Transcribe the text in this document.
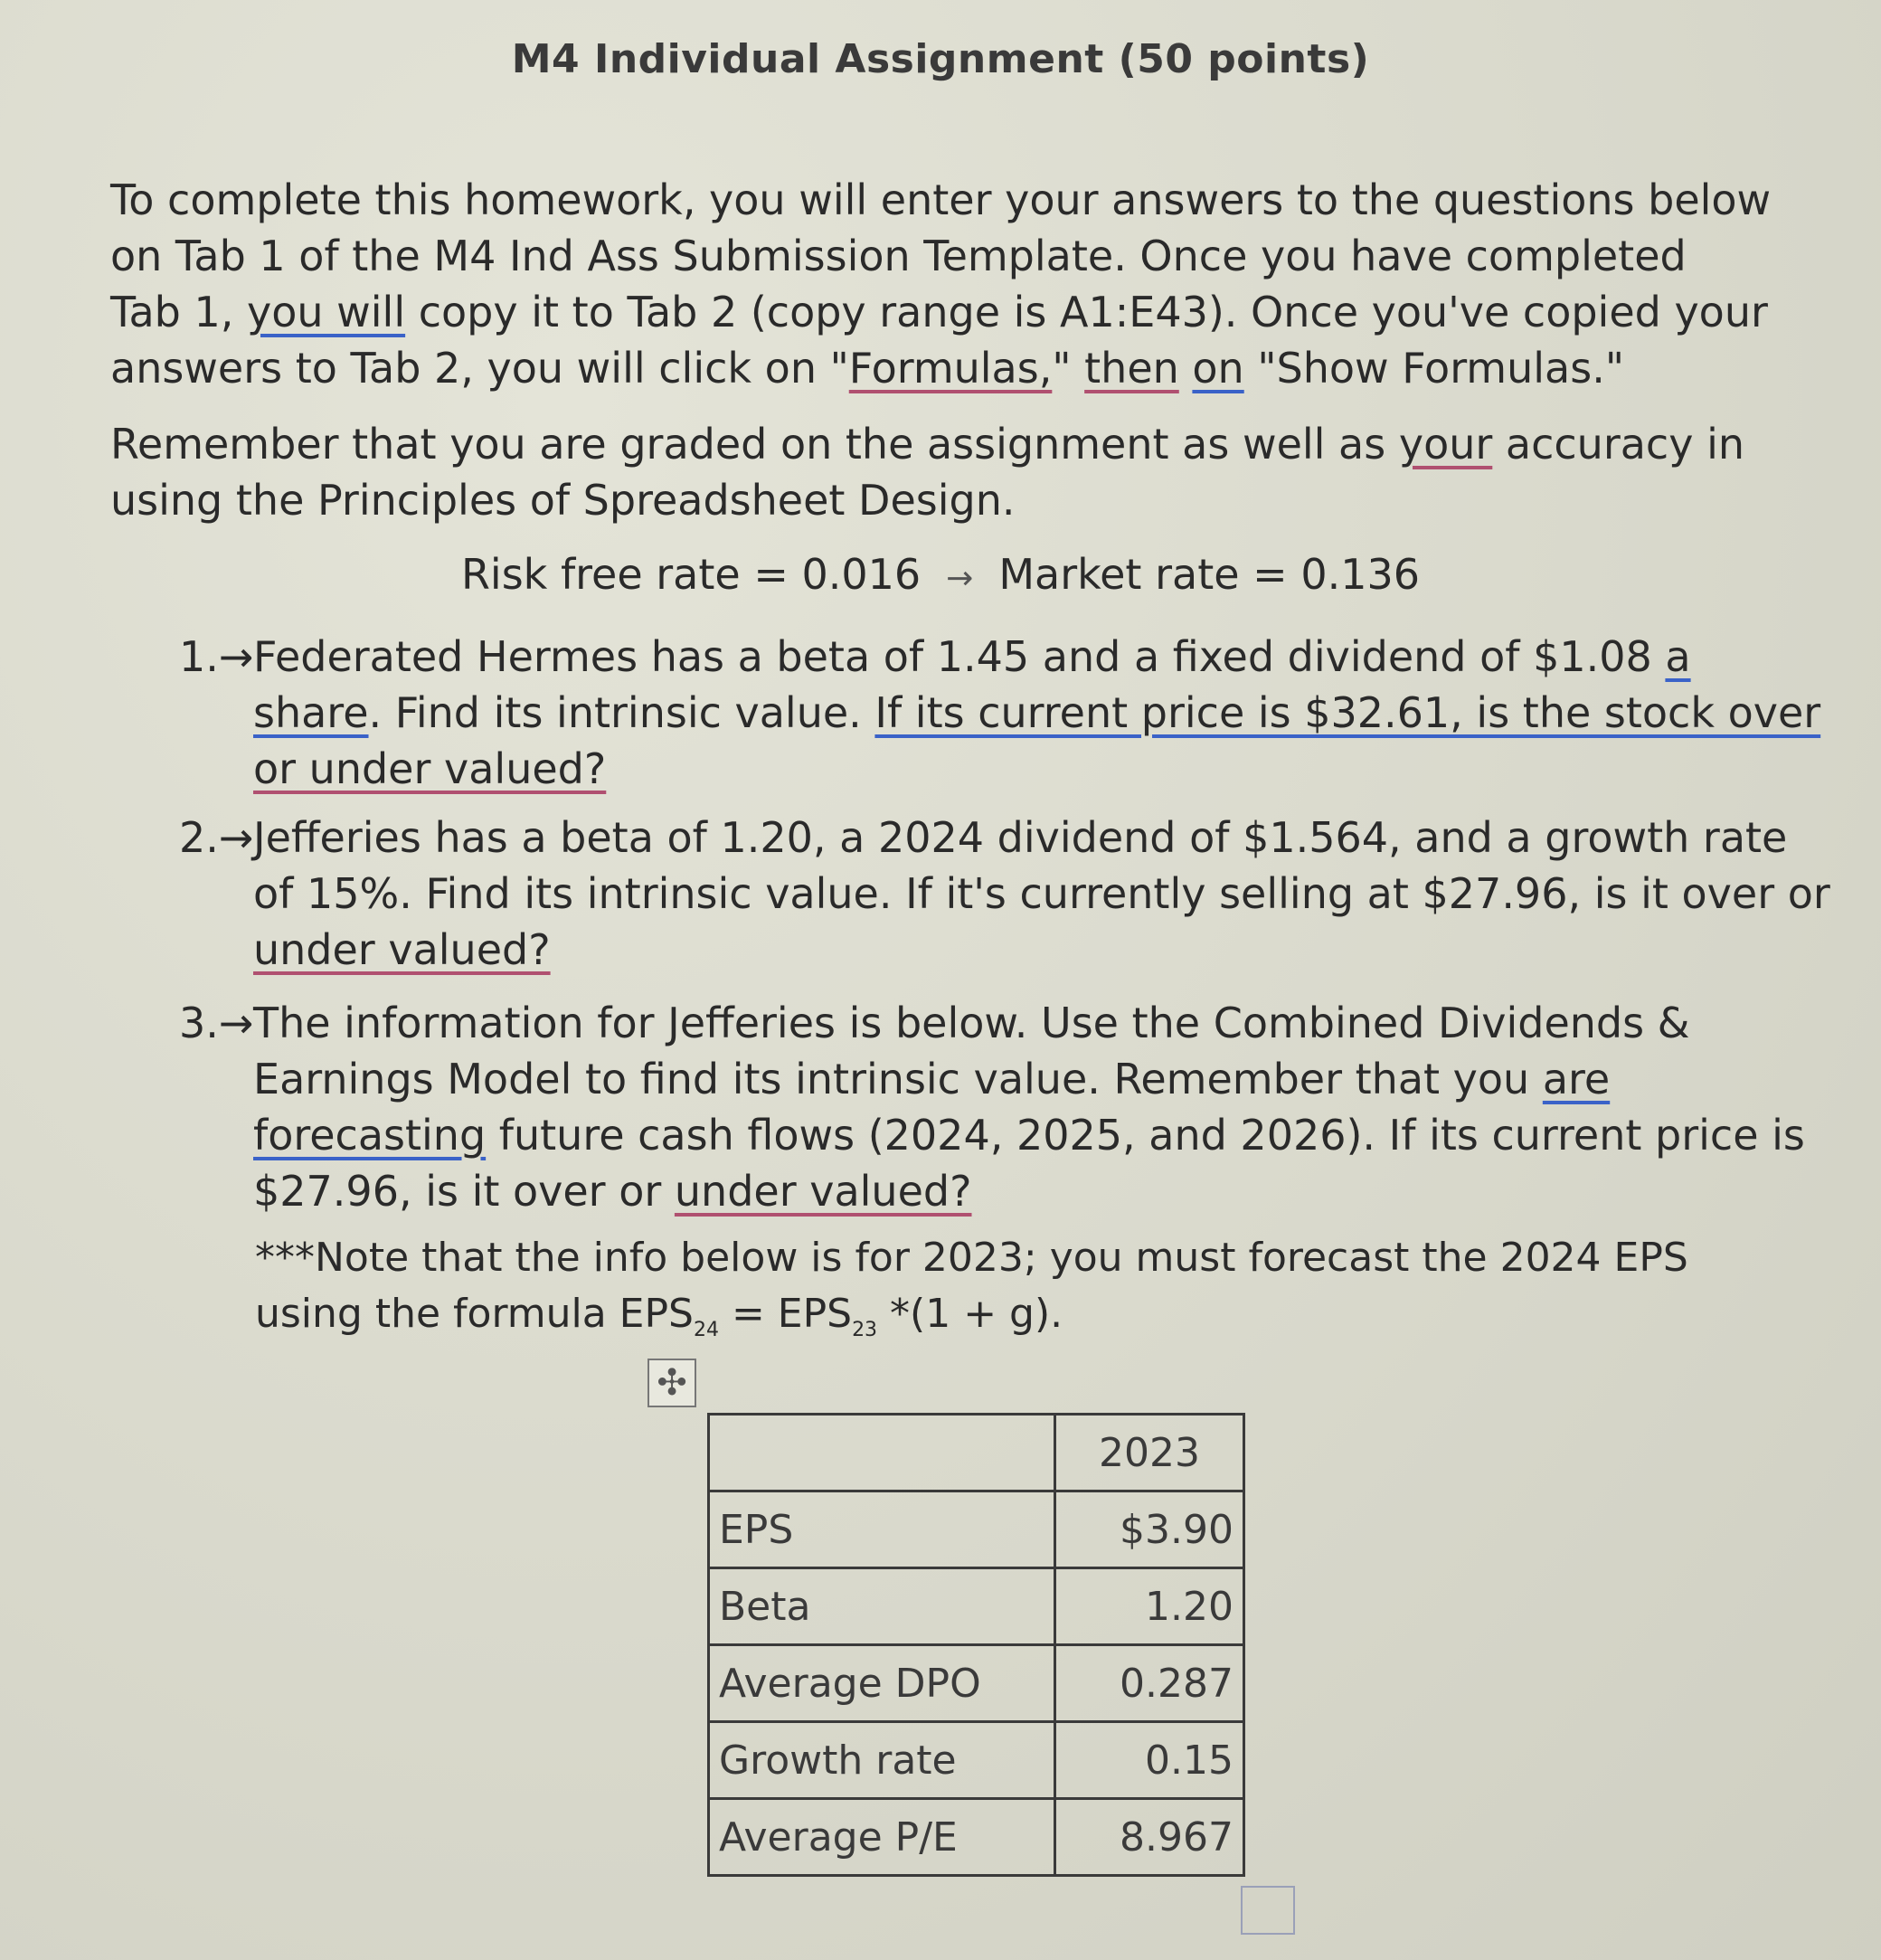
M4 Individual Assignment (50 points)
To complete this homework, you will enter your answers to the questions below
on Tab 1 of the M4 Ind Ass Submission Template. Once you have completed
Tab 1, you will copy it to Tab 2 (copy range is A1:E43). Once you've copied your
answers to Tab 2, you will click on "Formulas," then on "Show Formulas."
Remember that you are graded on the assignment as well as your accuracy in
using the Principles of Spreadsheet Design.
Risk free rate = 0.016 → Market rate = 0.136
1.→Federated Hermes has a beta of 1.45 and a fixed dividend of $1.08 a
share. Find its intrinsic value. If its current price is $32.61, is the stock over
or under valued?
2.→Jefferies has a beta of 1.20, a 2024 dividend of $1.564, and a growth rate
of 15%. Find its intrinsic value. If it's currently selling at $27.96, is it over or
under valued?
3.→The information for Jefferies is below. Use the Combined Dividends &
Earnings Model to find its intrinsic value. Remember that you are
forecasting future cash flows (2024, 2025, and 2026). If its current price is
$27.96, is it over or under valued?
***Note that the info below is for 2023; you must forecast the 2024 EPS
using the formula $EPS_{24} = EPS_{23}$ *(1 + g).
✣
	2023
EPS	$3.90
Beta	1.20
Average DPO	0.287
Growth rate	0.15
Average P/E	8.967
